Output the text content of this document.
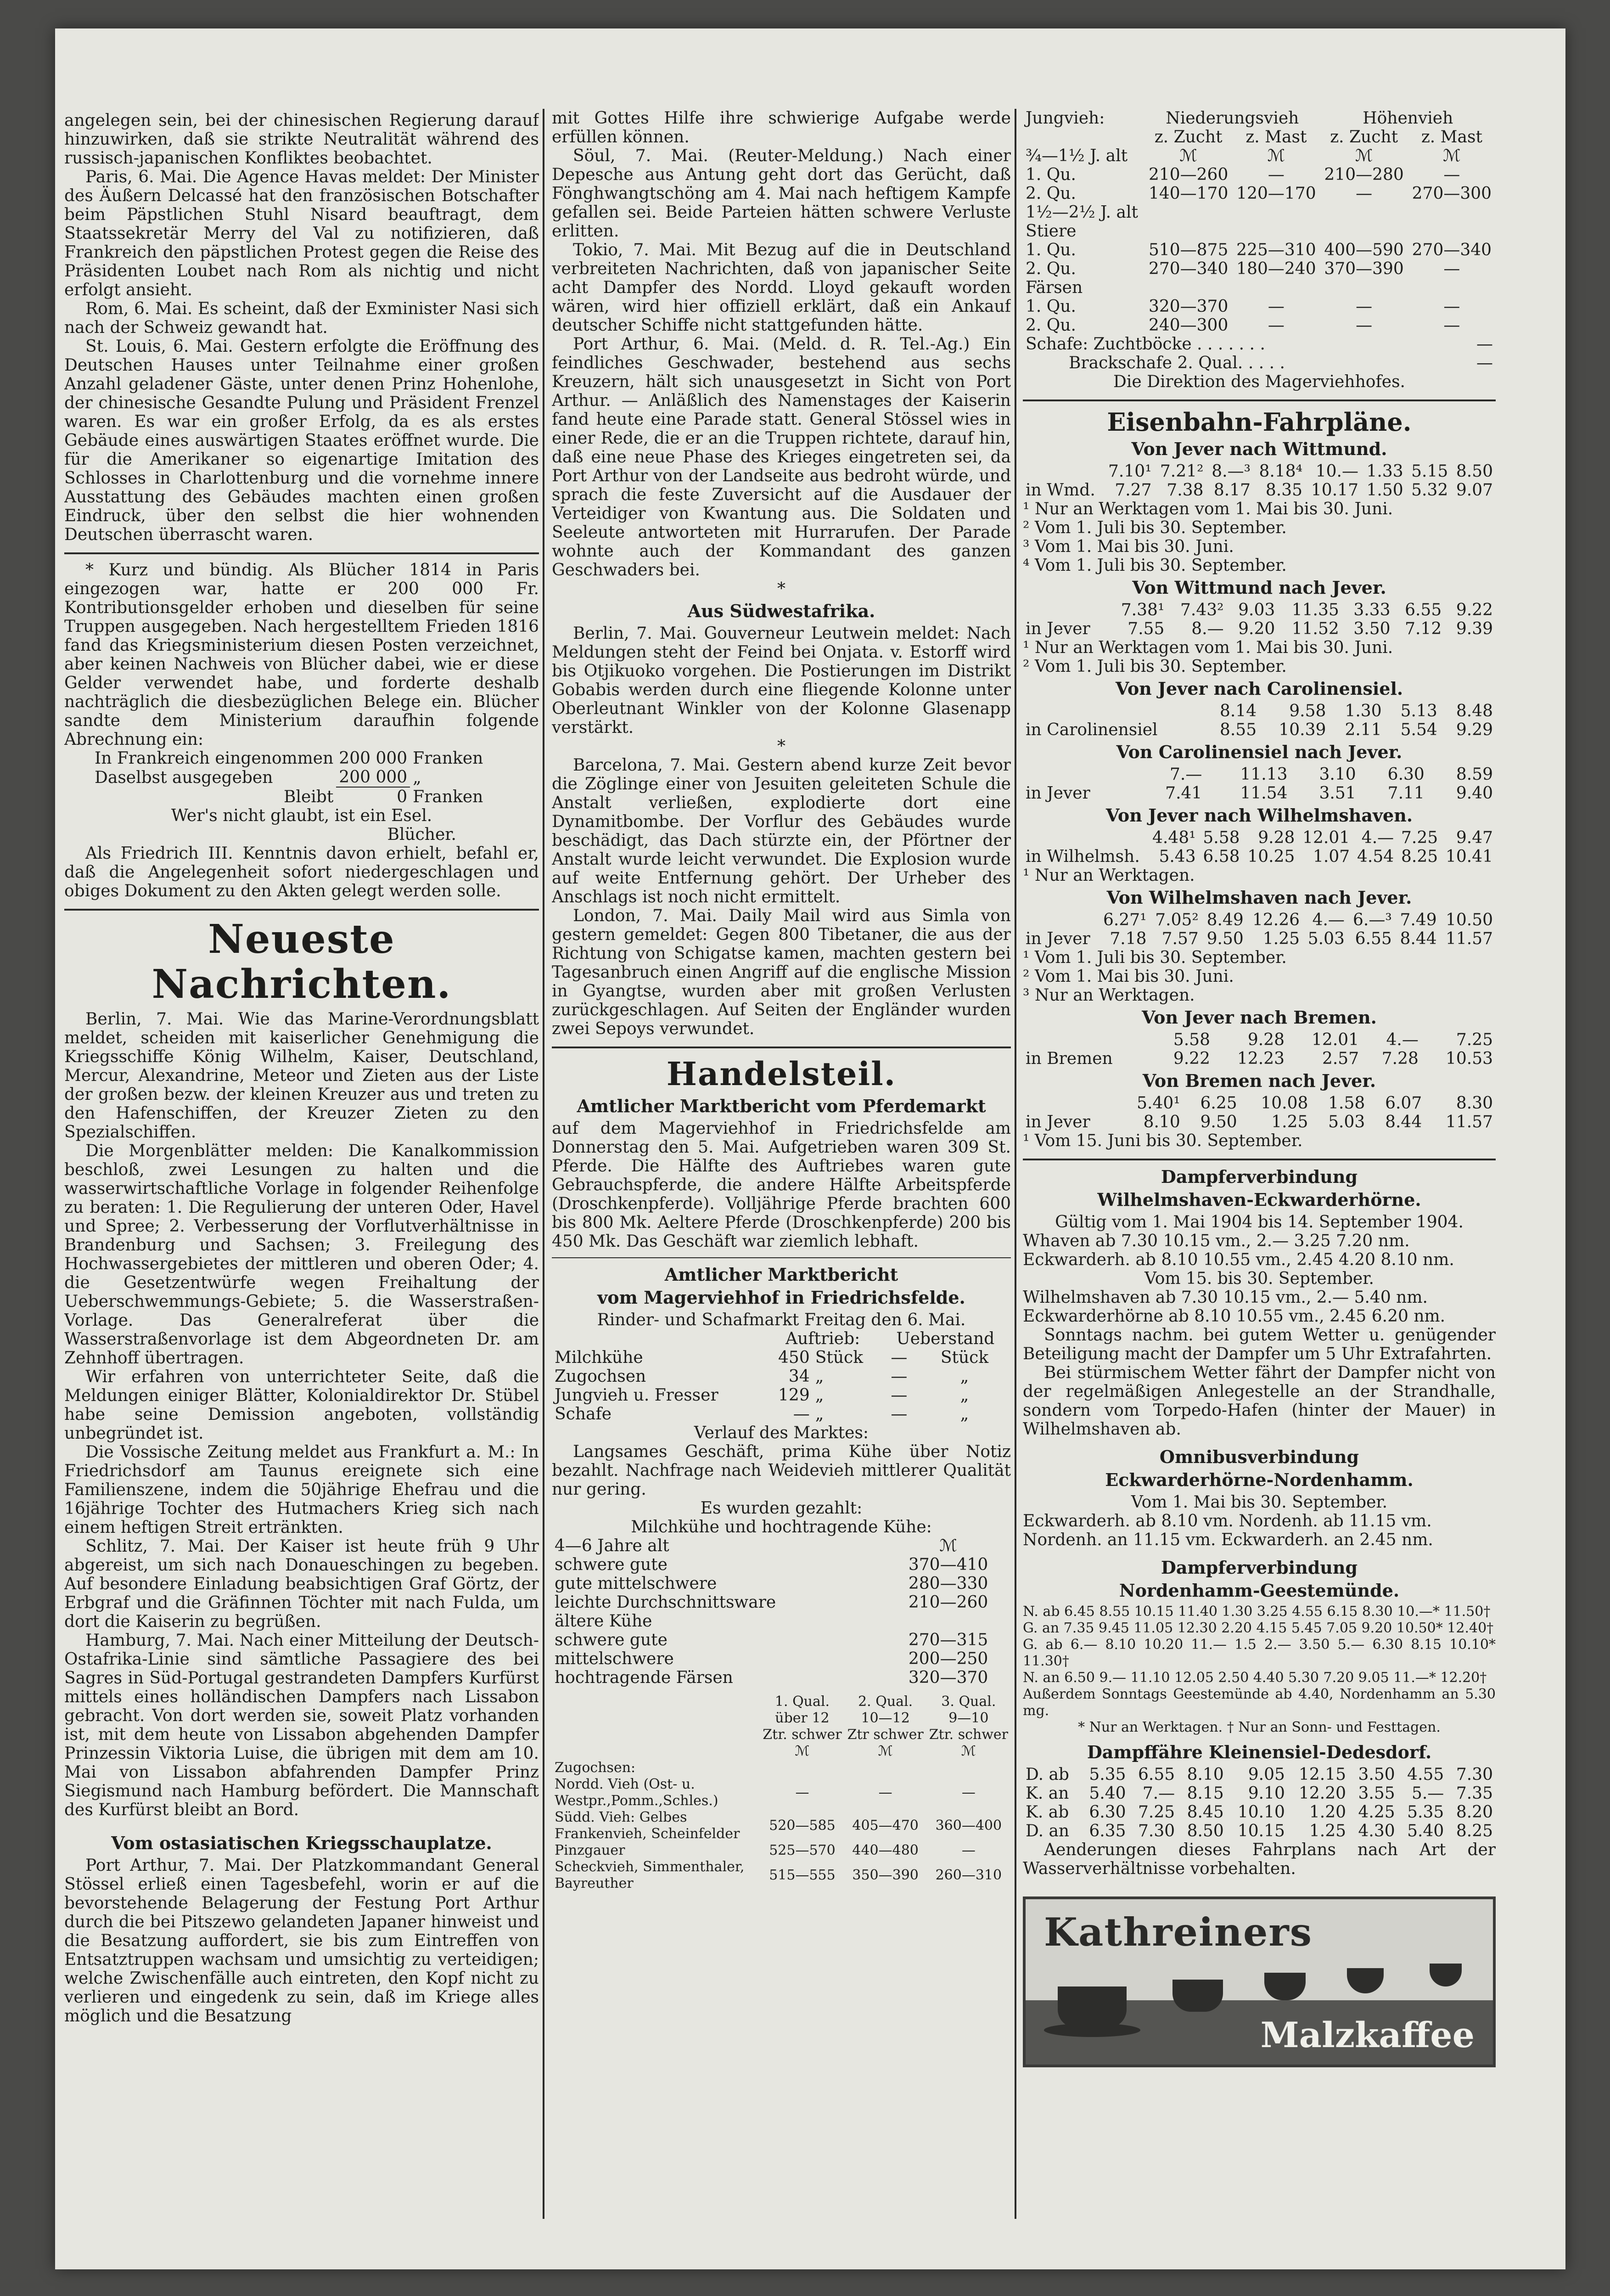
angelegen sein, bei der chinesischen Regierung darauf hinzuwirken, daß sie strikte Neutralität während des russisch-japanischen Konfliktes beobachtet.

Paris, 6. Mai. Die Agence Havas meldet: Der Minister des Äußern Delcassé hat den französischen Botschafter beim Päpstlichen Stuhl Nisard beauftragt, dem Staatssekretär Merry del Val zu notifizieren, daß Frankreich den päpstlichen Protest gegen die Reise des Präsidenten Loubet nach Rom als nichtig und nicht erfolgt ansieht.

Rom, 6. Mai. Es scheint, daß der Exminister Nasi sich nach der Schweiz gewandt hat.

St. Louis, 6. Mai. Gestern erfolgte die Eröffnung des Deutschen Hauses unter Teilnahme einer großen Anzahl geladener Gäste, unter denen Prinz Hohenlohe, der chinesische Gesandte Pulung und Präsident Frenzel waren. Es war ein großer Erfolg, da es als erstes Gebäude eines auswärtigen Staates eröffnet wurde. Die für die Amerikaner so eigenartige Imitation des Schlosses in Charlottenburg und die vornehme innere Ausstattung des Gebäudes machten einen großen Eindruck, über den selbst die hier wohnenden Deutschen überrascht waren.

* Kurz und bündig. Als Blücher 1814 in Paris eingezogen war, hatte er 200 000 Fr. Kontributionsgelder erhoben und dieselben für seine Truppen ausgegeben. Nach hergestelltem Frieden 1816 fand das Kriegsministerium diesen Posten verzeichnet, aber keinen Nachweis von Blücher dabei, wie er diese Gelder verwendet habe, und forderte deshalb nachträglich die diesbezüglichen Belege ein. Blücher sandte dem Ministerium daraufhin folgende Abrechnung ein:

In Frankreich eingenommen	200 000	Franken
Daselbst ausgegeben	200 000	„
Bleibt	0	Franken

Wer's nicht glaubt, ist ein Esel.

Blücher.

Als Friedrich III. Kenntnis davon erhielt, befahl er, daß die Angelegenheit sofort niedergeschlagen und obiges Dokument zu den Akten gelegt werden solle.

Neueste Nachrichten.

Berlin, 7. Mai. Wie das Marine-Verordnungsblatt meldet, scheiden mit kaiserlicher Genehmigung die Kriegsschiffe König Wilhelm, Kaiser, Deutschland, Mercur, Alexandrine, Meteor und Zieten aus der Liste der großen bezw. der kleinen Kreuzer aus und treten zu den Hafenschiffen, der Kreuzer Zieten zu den Spezialschiffen.

Die Morgenblätter melden: Die Kanalkommission beschloß, zwei Lesungen zu halten und die wasserwirtschaftliche Vorlage in folgender Reihenfolge zu beraten: 1. Die Regulierung der unteren Oder, Havel und Spree; 2. Verbesserung der Vorflutverhältnisse in Brandenburg und Sachsen; 3. Freilegung des Hochwassergebietes der mittleren und oberen Oder; 4. die Gesetzentwürfe wegen Freihaltung der Ueberschwemmungs-Gebiete; 5. die Wasserstraßen-Vorlage. Das Generalreferat über die Wasserstraßenvorlage ist dem Abgeordneten Dr. am Zehnhoff übertragen.

Wir erfahren von unterrichteter Seite, daß die Meldungen einiger Blätter, Kolonialdirektor Dr. Stübel habe seine Demission angeboten, vollständig unbegründet ist.

Die Vossische Zeitung meldet aus Frankfurt a. M.: In Friedrichsdorf am Taunus ereignete sich eine Familienszene, indem die 50jährige Ehefrau und die 16jährige Tochter des Hutmachers Krieg sich nach einem heftigen Streit ertränkten.

Schlitz, 7. Mai. Der Kaiser ist heute früh 9 Uhr abgereist, um sich nach Donaueschingen zu begeben. Auf besondere Einladung beabsichtigen Graf Görtz, der Erbgraf und die Gräfinnen Töchter mit nach Fulda, um dort die Kaiserin zu begrüßen.

Hamburg, 7. Mai. Nach einer Mitteilung der Deutsch-Ostafrika-Linie sind sämtliche Passagiere des bei Sagres in Süd-Portugal gestrandeten Dampfers Kurfürst mittels eines holländischen Dampfers nach Lissabon gebracht. Von dort werden sie, soweit Platz vorhanden ist, mit dem heute von Lissabon abgehenden Dampfer Prinzessin Viktoria Luise, die übrigen mit dem am 10. Mai von Lissabon abfahrenden Dampfer Prinz Siegismund nach Hamburg befördert. Die Mannschaft des Kurfürst bleibt an Bord.

Vom ostasiatischen Kriegsschauplatze.

Port Arthur, 7. Mai. Der Platzkommandant General Stössel erließ einen Tagesbefehl, worin er auf die bevorstehende Belagerung der Festung Port Arthur durch die bei Pitszewo gelandeten Japaner hinweist und die Besatzung auffordert, sie bis zum Eintreffen von Entsatztruppen wachsam und umsichtig zu verteidigen; welche Zwischenfälle auch eintreten, den Kopf nicht zu verlieren und eingedenk zu sein, daß im Kriege alles möglich und die Besatzung

mit Gottes Hilfe ihre schwierige Aufgabe werde erfüllen können.

Söul, 7. Mai. (Reuter-Meldung.) Nach einer Depesche aus Antung geht dort das Gerücht, daß Fönghwangtschöng am 4. Mai nach heftigem Kampfe gefallen sei. Beide Parteien hätten schwere Verluste erlitten.

Tokio, 7. Mai. Mit Bezug auf die in Deutschland verbreiteten Nachrichten, daß von japanischer Seite acht Dampfer des Nordd. Lloyd gekauft worden wären, wird hier offiziell erklärt, daß ein Ankauf deutscher Schiffe nicht stattgefunden hätte.

Port Arthur, 6. Mai. (Meld. d. R. Tel.-Ag.) Ein feindliches Geschwader, bestehend aus sechs Kreuzern, hält sich unausgesetzt in Sicht von Port Arthur. — Anläßlich des Namenstages der Kaiserin fand heute eine Parade statt. General Stössel wies in einer Rede, die er an die Truppen richtete, darauf hin, daß eine neue Phase des Krieges eingetreten sei, da Port Arthur von der Landseite aus bedroht würde, und sprach die feste Zuversicht auf die Ausdauer der Verteidiger von Kwantung aus. Die Soldaten und Seeleute antworteten mit Hurrarufen. Der Parade wohnte auch der Kommandant des ganzen Geschwaders bei.

*

Aus Südwestafrika.

Berlin, 7. Mai. Gouverneur Leutwein meldet: Nach Meldungen steht der Feind bei Onjata. v. Estorff wird bis Otjikuoko vorgehen. Die Postierungen im Distrikt Gobabis werden durch eine fliegende Kolonne unter Oberleutnant Winkler von der Kolonne Glasenapp verstärkt.

*

Barcelona, 7. Mai. Gestern abend kurze Zeit bevor die Zöglinge einer von Jesuiten geleiteten Schule die Anstalt verließen, explodierte dort eine Dynamitbombe. Der Vorflur des Gebäudes wurde beschädigt, das Dach stürzte ein, der Pförtner der Anstalt wurde leicht verwundet. Die Explosion wurde auf weite Entfernung gehört. Der Urheber des Anschlags ist noch nicht ermittelt.

London, 7. Mai. Daily Mail wird aus Simla von gestern gemeldet: Gegen 800 Tibetaner, die aus der Richtung von Schigatse kamen, machten gestern bei Tagesanbruch einen Angriff auf die englische Mission in Gyangtse, wurden aber mit großen Verlusten zurückgeschlagen. Auf Seiten der Engländer wurden zwei Sepoys verwundet.

Handelsteil.
Amtlicher Marktbericht vom Pferdemarkt

auf dem Magerviehhof in Friedrichsfelde am Donnerstag den 5. Mai. Aufgetrieben waren 309 St. Pferde. Die Hälfte des Auftriebes waren gute Gebrauchspferde, die andere Hälfte Arbeitspferde (Droschkenpferde). Volljährige Pferde brachten 600 bis 800 Mk. Aeltere Pferde (Droschkenpferde) 200 bis 450 Mk. Das Geschäft war ziemlich lebhaft.

Amtlicher Marktbericht
vom Magerviehhof in Friedrichsfelde.

Rinder- und Schafmarkt Freitag den 6. Mai.

	Auftrieb:		Ueberstand	
Milchkühe	450	Stück	—	Stück
Zugochsen	34	„	—	„
Jungvieh u. Fresser	129	„	—	„
Schafe	—	„	—	„

Verlauf des Marktes:

Langsames Geschäft, prima Kühe über Notiz bezahlt. Nachfrage nach Weidevieh mittlerer Qualität nur gering.

Es wurden gezahlt:

Milchkühe und hochtragende Kühe:

4—6 Jahre alt	ℳ
schwere gute	370—410
gute mittelschwere	280—330
leichte Durchschnittsware	210—260
ältere Kühe	
schwere gute	270—315
mittelschwere	200—250
hochtragende Färsen	320—370
	1. Qual.	2. Qual.	3. Qual.
	über 12	10—12	9—10
	Ztr. schwer	Ztr schwer	Ztr. schwer
	ℳ	ℳ	ℳ
Zugochsen:			
Nordd. Vieh (Ost- u. Westpr.,Pomm.,Schles.)	—	—	—
Südd. Vieh: Gelbes Frankenvieh, Scheinfelder	520—585	405—470	360—400
Pinzgauer	525—570	440—480	—
Scheckvieh, Simmenthaler, Bayreuther	515—555	350—390	260—310
Jungvieh:	Niederungsvieh		Höhenvieh	
	z. Zucht	z. Mast	z. Zucht	z. Mast
¾—1½ J. alt	ℳ	ℳ	ℳ	ℳ
1. Qu.	210—260	—	210—280	—
2. Qu.	140—170	120—170	—	270—300
1½—2½ J. alt				
Stiere				
1. Qu.	510—875	225—310	400—590	270—340
2. Qu.	270—340	180—240	370—390	—
Färsen				
1. Qu.	320—370	—	—	—
2. Qu.	240—300	—	—	—
Schafe: Zuchtböcke . . . . . . .	—
Brackschafe 2. Qual. . . . .	—

Die Direktion des Magerviehhofes.

Eisenbahn-Fahrpläne.
Von Jever nach Wittmund.
	7.10¹	7.21²	8.—³	8.18⁴	10.—	1.33	5.15	8.50
in Wmd.	7.27	7.38	8.17	8.35	10.17	1.50	5.32	9.07

¹ Nur an Werktagen vom 1. Mai bis 30. Juni.

² Vom 1. Juli bis 30. September.

³ Vom 1. Mai bis 30. Juni.

⁴ Vom 1. Juli bis 30. September.

Von Wittmund nach Jever.
	7.38¹	7.43²	9.03	11.35	3.33	6.55	9.22
in Jever	7.55	8.—	9.20	11.52	3.50	7.12	9.39

¹ Nur an Werktagen vom 1. Mai bis 30. Juni.

² Vom 1. Juli bis 30. September.

Von Jever nach Carolinensiel.
	8.14	9.58	1.30	5.13	8.48
in Carolinensiel	8.55	10.39	2.11	5.54	9.29
Von Carolinensiel nach Jever.
	7.—	11.13	3.10	6.30	8.59
in Jever	7.41	11.54	3.51	7.11	9.40
Von Jever nach Wilhelmshaven.
	4.48¹	5.58	9.28	12.01	4.—	7.25	9.47
in Wilhelmsh.	5.43	6.58	10.25	1.07	4.54	8.25	10.41

¹ Nur an Werktagen.

Von Wilhelmshaven nach Jever.
	6.27¹	7.05²	8.49	12.26	4.—	6.—³	7.49	10.50
in Jever	7.18	7.57	9.50	1.25	5.03	6.55	8.44	11.57

¹ Vom 1. Juli bis 30. September.

² Vom 1. Mai bis 30. Juni.

³ Nur an Werktagen.

Von Jever nach Bremen.
	5.58	9.28	12.01	4.—	7.25
in Bremen	9.22	12.23	2.57	7.28	10.53
Von Bremen nach Jever.
	5.40¹	6.25	10.08	1.58	6.07	8.30
in Jever	8.10	9.50	1.25	5.03	8.44	11.57

¹ Vom 15. Juni bis 30. September.

Dampferverbindung
Wilhelmshaven-Eckwarderhörne.

Gültig vom 1. Mai 1904 bis 14. September 1904.

Whaven ab 7.30 10.15 vm., 2.— 3.25 7.20 nm.

Eckwarderh. ab 8.10 10.55 vm., 2.45 4.20 8.10 nm.

Vom 15. bis 30. September.

Wilhelmshaven ab 7.30 10.15 vm., 2.— 5.40 nm.

Eckwarderhörne ab 8.10 10.55 vm., 2.45 6.20 nm.

Sonntags nachm. bei gutem Wetter u. genügender Beteiligung macht der Dampfer um 5 Uhr Extrafahrten.

Bei stürmischem Wetter fährt der Dampfer nicht von der regelmäßigen Anlegestelle an der Strandhalle, sondern vom Torpedo-Hafen (hinter der Mauer) in Wilhelmshaven ab.

Omnibusverbindung
Eckwarderhörne-Nordenhamm.

Vom 1. Mai bis 30. September.

Eckwarderh. ab 8.10 vm. Nordenh. ab 11.15 vm.

Nordenh. an 11.15 vm. Eckwarderh. an 2.45 nm.

Dampferverbindung
Nordenhamm-Geestemünde.

N. ab 6.45 8.55 10.15 11.40 1.30 3.25 4.55 6.15 8.30 10.—* 11.50†

G. an 7.35 9.45 11.05 12.30 2.20 4.15 5.45 7.05 9.20 10.50* 12.40†

G. ab 6.— 8.10 10.20 11.— 1.5 2.— 3.50 5.— 6.30 8.15 10.10* 11.30†

N. an 6.50 9.— 11.10 12.05 2.50 4.40 5.30 7.20 9.05 11.—* 12.20†

Außerdem Sonntags Geestemünde ab 4.40, Nordenhamm an 5.30 mg.

* Nur an Werktagen. † Nur an Sonn- und Festtagen.

Dampffähre Kleinensiel-Dedesdorf.
D. ab	5.35	6.55	8.10	9.05	12.15	3.50	4.55	7.30
K. an	5.40	7.—	8.15	9.10	12.20	3.55	5.—	7.35
K. ab	6.30	7.25	8.45	10.10	1.20	4.25	5.35	8.20
D. an	6.35	7.30	8.50	10.15	1.25	4.30	5.40	8.25

Aenderungen dieses Fahrplans nach Art der Wasserverhältnisse vorbehalten.

Kathreiners
Malzkaffee
